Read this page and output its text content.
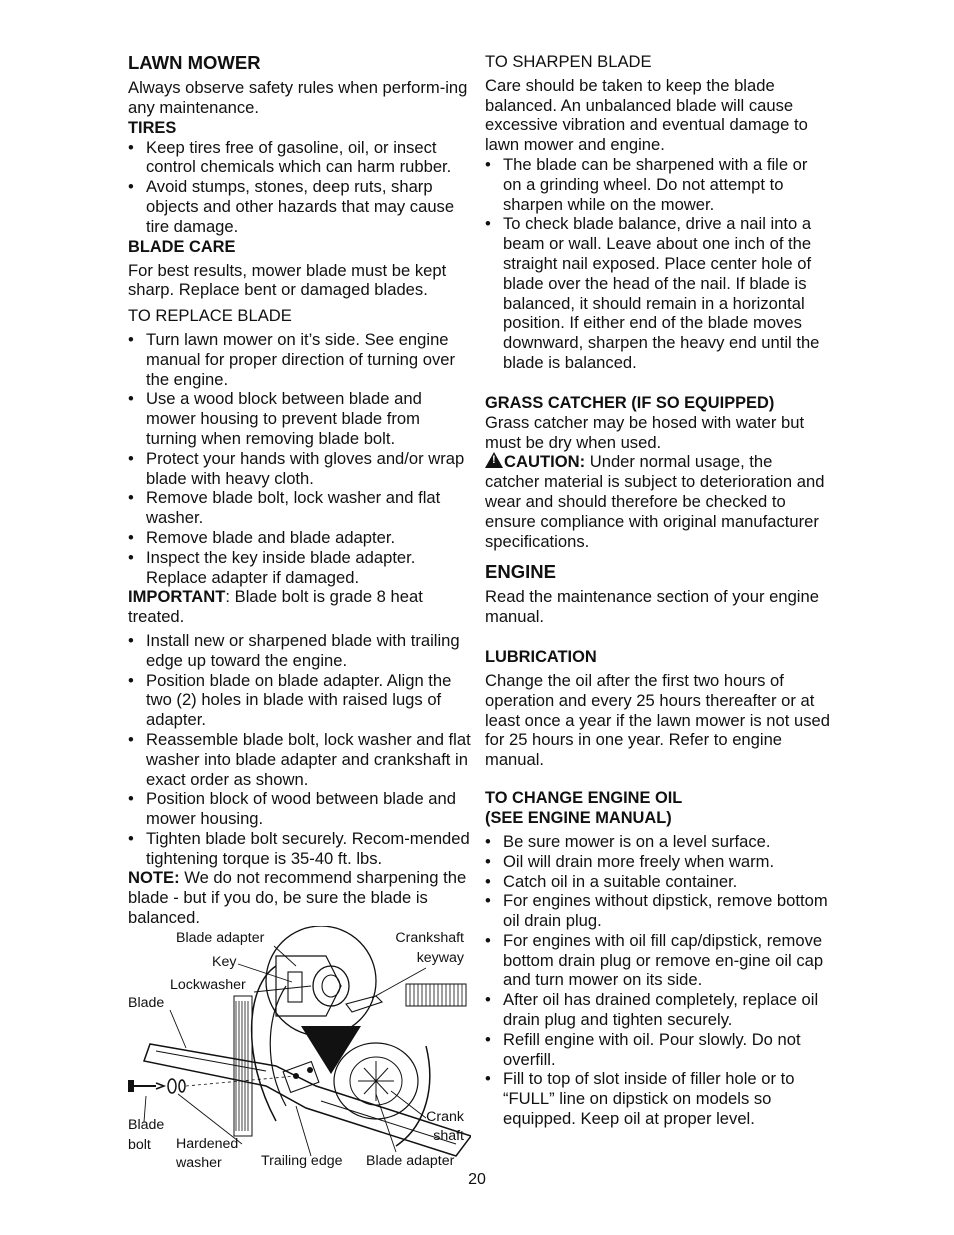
LAWN MOWER

Always observe safety rules when perform-ing any maintenance.

TIRES
• Keep tires free of gasoline, oil, or insect control chemicals which can harm rubber.
• Avoid stumps, stones, deep ruts, sharp objects and other hazards that may cause tire damage.
BLADE CARE

For best results, mower blade must be kept sharp. Replace bent or damaged blades.

TO REPLACE BLADE

• Turn lawn mower on it’s side. See engine manual for proper direction of turning over the engine.
• Use a wood block between blade and mower housing to prevent blade from turning when removing blade bolt.
• Protect your hands with gloves and/or wrap blade with heavy cloth.
• Remove blade bolt, lock washer and flat washer.
• Remove blade and blade adapter.
• Inspect the key inside blade adapter. Replace adapter if damaged.

IMPORTANT: Blade bolt is grade 8 heat treated.

• Install new or sharpened blade with trailing edge up toward the engine.
• Position blade on blade adapter. Align the two (2) holes in blade with raised lugs of adapter.
• Reassemble blade bolt, lock washer and flat washer into blade adapter and crankshaft in exact order as shown.
• Position block of wood between blade and mower housing.
• Tighten blade bolt securely. Recom-mended tightening torque is 35-40 ft. lbs.

NOTE: We do not recommend sharpening the blade - but if you do, be sure the blade is balanced.

Blade adapter
Key
Lockwasher
Blade
Crankshaft
keyway
Blade
bolt Hardened
washer	Trailing edge Blade adapter
Crank
shaft

TO SHARPEN BLADE

Care should be taken to keep the blade balanced. An unbalanced blade will cause excessive vibration and eventual damage to lawn mower and engine.

• The blade can be sharpened with a file or on a grinding wheel. Do not attempt to sharpen while on the mower.
• To check blade balance, drive a nail into a beam or wall. Leave about one inch of the straight nail exposed. Place center hole of blade over the head of the nail. If blade is balanced, it should remain in a horizontal position. If either end of the blade moves downward, sharpen the heavy end until the blade is balanced.
GRASS CATCHER (IF SO EQUIPPED)

Grass catcher may be hosed with water but must be dry when used.

!CAUTION: Under normal usage, the catcher material is subject to deterioration and wear and should therefore be checked to ensure compliance with original manufacturer specifications.

ENGINE

Read the maintenance section of your engine manual.

LUBRICATION

Change the oil after the first two hours of operation and every 25 hours thereafter or at least once a year if the lawn mower is not used for 25 hours in one year. Refer to engine manual.

TO CHANGE ENGINE OIL
(SEE ENGINE MANUAL)
• Be sure mower is on a level surface.
• Oil will drain more freely when warm.
• Catch oil in a suitable container.
• For engines without dipstick, remove bottom oil drain plug.
• For engines with oil fill cap/dipstick, remove bottom drain plug or remove en-gine oil cap and turn mower on its side.
• After oil has drained completely, replace oil drain plug and tighten securely.
• Refill engine with oil. Pour slowly. Do not overfill.
• Fill to top of slot inside of filler hole or to “FULL” line on dipstick on models so equipped. Keep oil at proper level.
20
